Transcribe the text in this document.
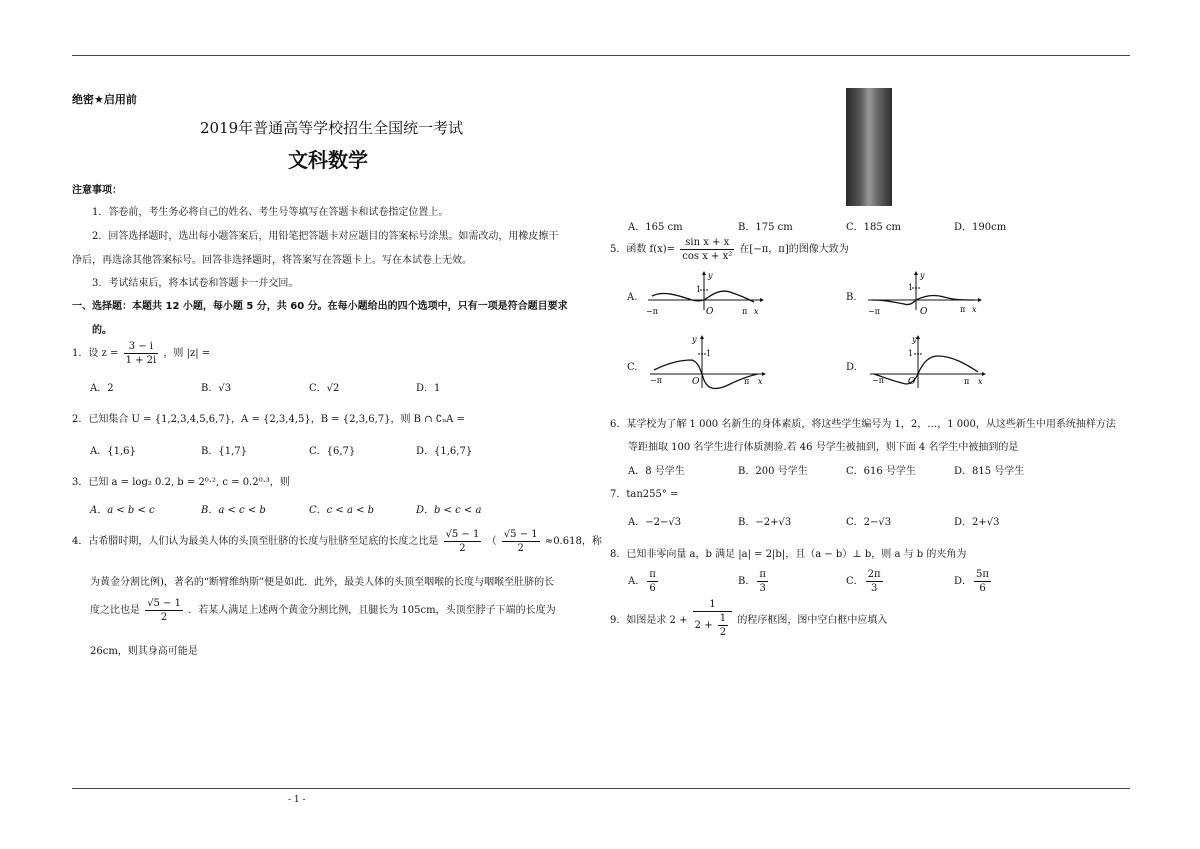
- 1 -
绝密★启用前
2019年普通高等学校招生全国统一考试
文科数学
注意事项：
1．答卷前，考生务必将自己的姓名、考生号等填写在答题卡和试卷指定位置上。
2．回答选择题时，选出每小题答案后，用铅笔把答题卡对应题目的答案标号涂黑。如需改动，用橡皮擦干
净后，再选涂其他答案标号。回答非选择题时，将答案写在答题卡上。写在本试卷上无效。
3．考试结束后，将本试卷和答题卡一并交回。
一、选择题：本题共 12 小题，每小题 5 分，共 60 分。在每小题给出的四个选项中，只有一项是符合题目要求
的。
1．设 $z = \frac{3 - i}{1 + 2i}$ ，则 |z| =
A．2	B．√3	C．√2	D．1
2．已知集合 U = {1,2,3,4,5,6,7}，A = {2,3,4,5}，B = {2,3,6,7}，则 B ∩ ∁ᵤA =
A．{1,6}	B．{1,7}	C．{6,7}	D．{1,6,7}
3．已知 a = log₂ 0.2, b = 2⁰·², c = 0.2⁰·³，则
A．a < b < c	B．a < c < b	C．c < a < b	D．b < c < a
4．古希腊时期，人们认为最美人体的头顶至肚脐的长度与肚脐至足底的长度之比是 $\frac{√5 - 1}{2}$ （ $\frac{√5 - 1}{2} \approx 0.618$，称
为黄金分割比例)，著名的“断臂维纳斯”便是如此．此外，最美人体的头顶至咽喉的长度与咽喉至肚脐的长
度之比也是 $\frac{√5 - 1}{2}$ ．若某人满足上述两个黄金分割比例，且腿长为 105cm，头顶至脖子下端的长度为
26cm，则其身高可能是
A．165 cm	B．175 cm	C．185 cm	D．190cm
5．函数 $f(x)= \frac{\text{sin x + x}}{\text{cos x + x²}}$ 在[−π，π]的图像大致为
A.
y
1
−π	O	π x
B.
y
1
−π	O	π x
C.
y
1
−π	O	π x
D.
y
1
−π	O	π x
6．某学校为了解 1 000 名新生的身体素质，将这些学生编号为 1，2，…，1 000，从这些新生中用系统抽样方法
等距抽取 100 名学生进行体质测验.若 46 号学生被抽到，则下面 4 名学生中被抽到的是
A．8 号学生	B．200 号学生	C．616 号学生	D．815 号学生
7．tan255° =
A．−2−√3	B．−2+√3	C．2−√3	D．2+√3
8．已知非零向量 a，b 满足 |a| = 2|b|，且（a − b）⊥ b，则 a 与 b 的夹角为
A． $\frac{\pi}{6}$	B． $\frac{\pi}{3}$	C． $\frac{2\pi}{3}$	D． $\frac{5\pi}{6}$
9．如图是求 $2 + \frac{1}{2 + \frac{1}{2}}$ 的程序框图，图中空白框中应填入
